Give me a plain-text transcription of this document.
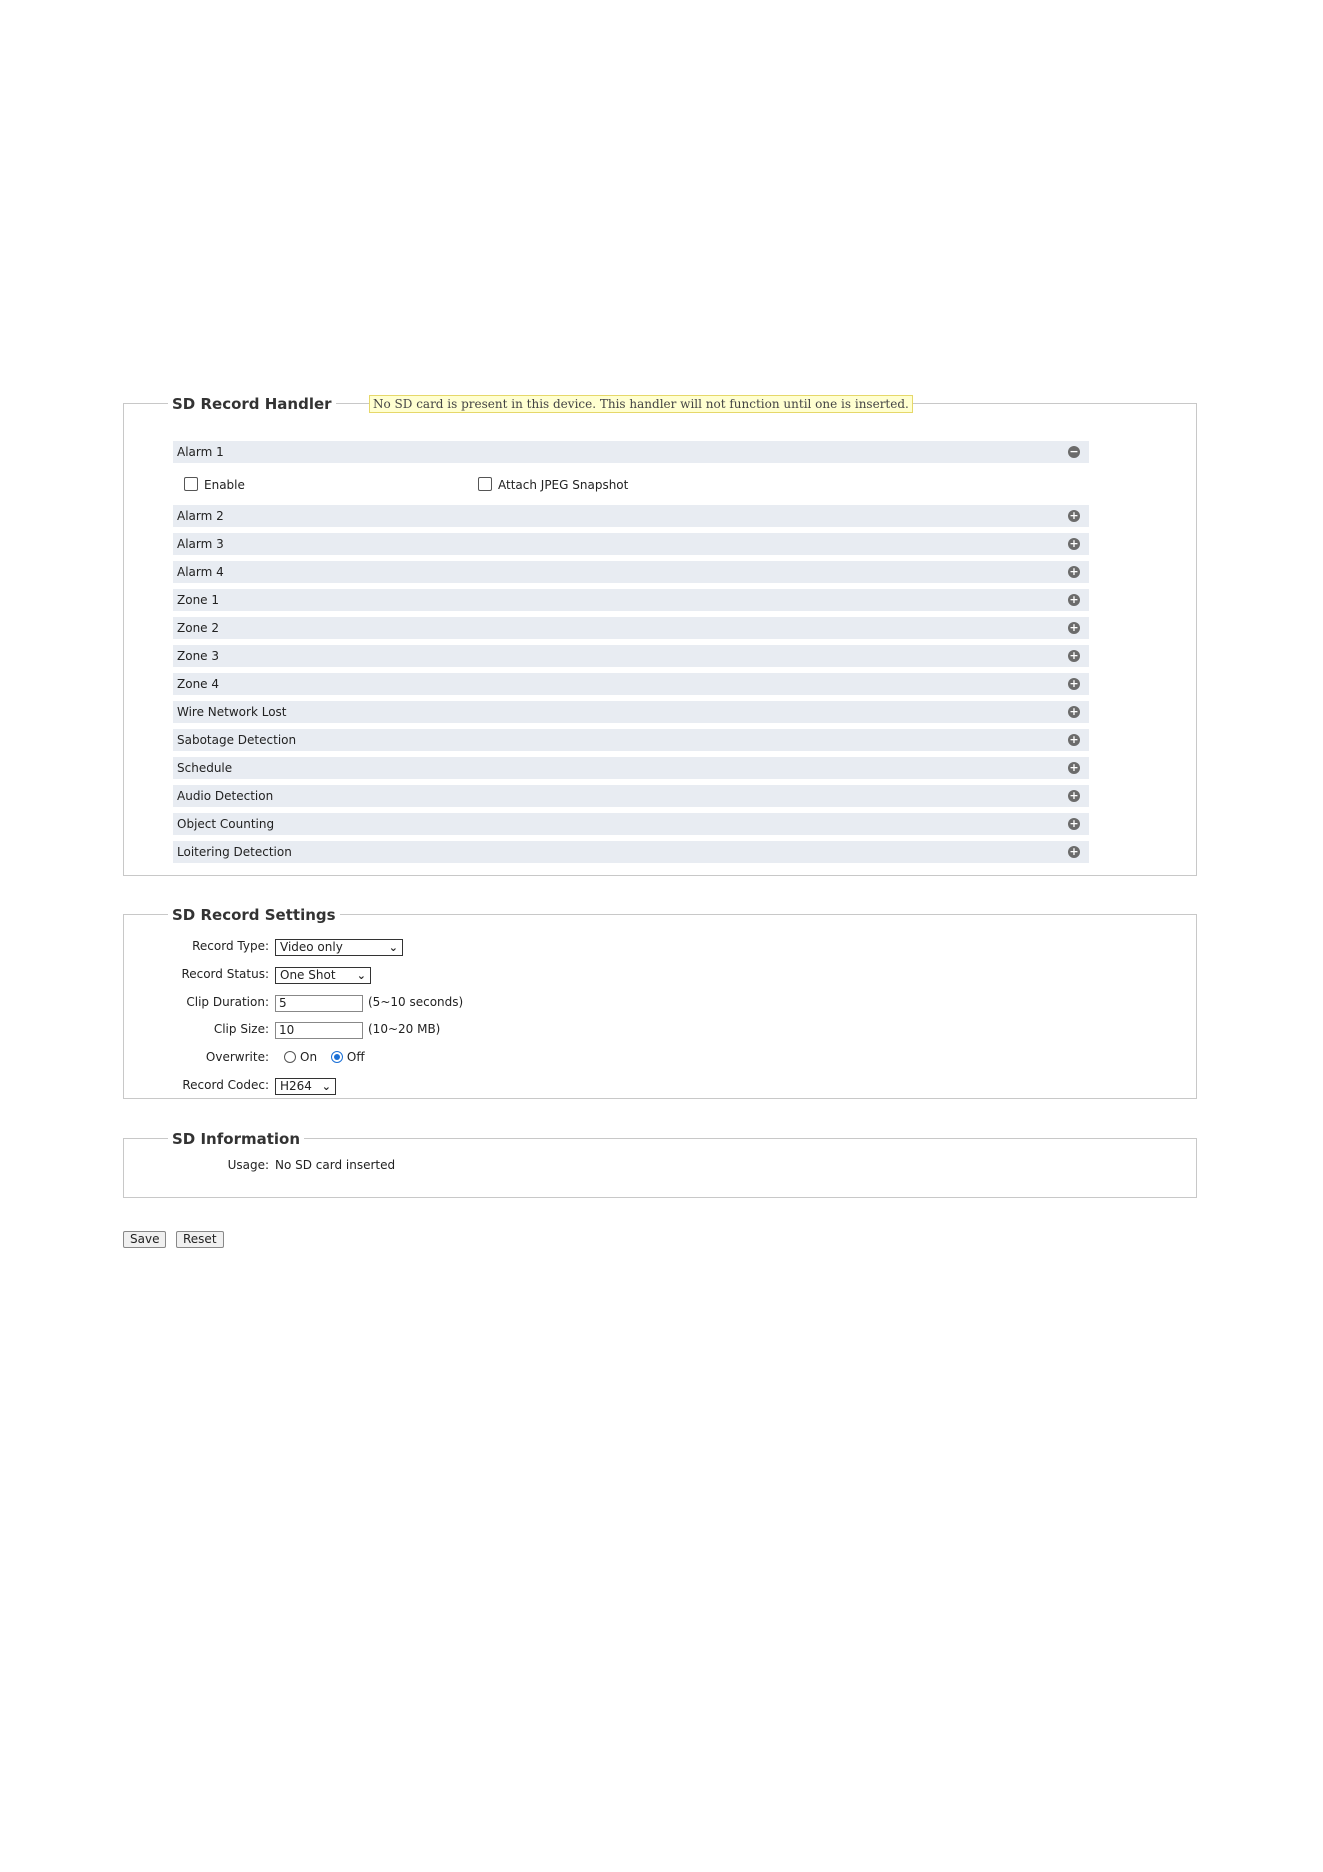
SD Record Handler	No SD card is present in this device. This handler will not function until one is inserted.
Alarm 1	−
Enable	Attach JPEG Snapshot
Alarm 2	+
Alarm 3	+
Alarm 4	+
Zone 1	+
Zone 2	+
Zone 3	+
Zone 4	+
Wire Network Lost	+
Sabotage Detection	+
Schedule	+
Audio Detection	+
Object Counting	+
Loitering Detection	+
SD Record Settings
Record Type: Video only	⌄
Record Status: One Shot ⌄
Clip Duration: 5	(5~10 seconds)
Clip Size: 10	(10~20 MB)
Overwrite:	On Off
Record Codec: H264 ⌄
SD Information
Usage: No SD card inserted
Save	Reset
